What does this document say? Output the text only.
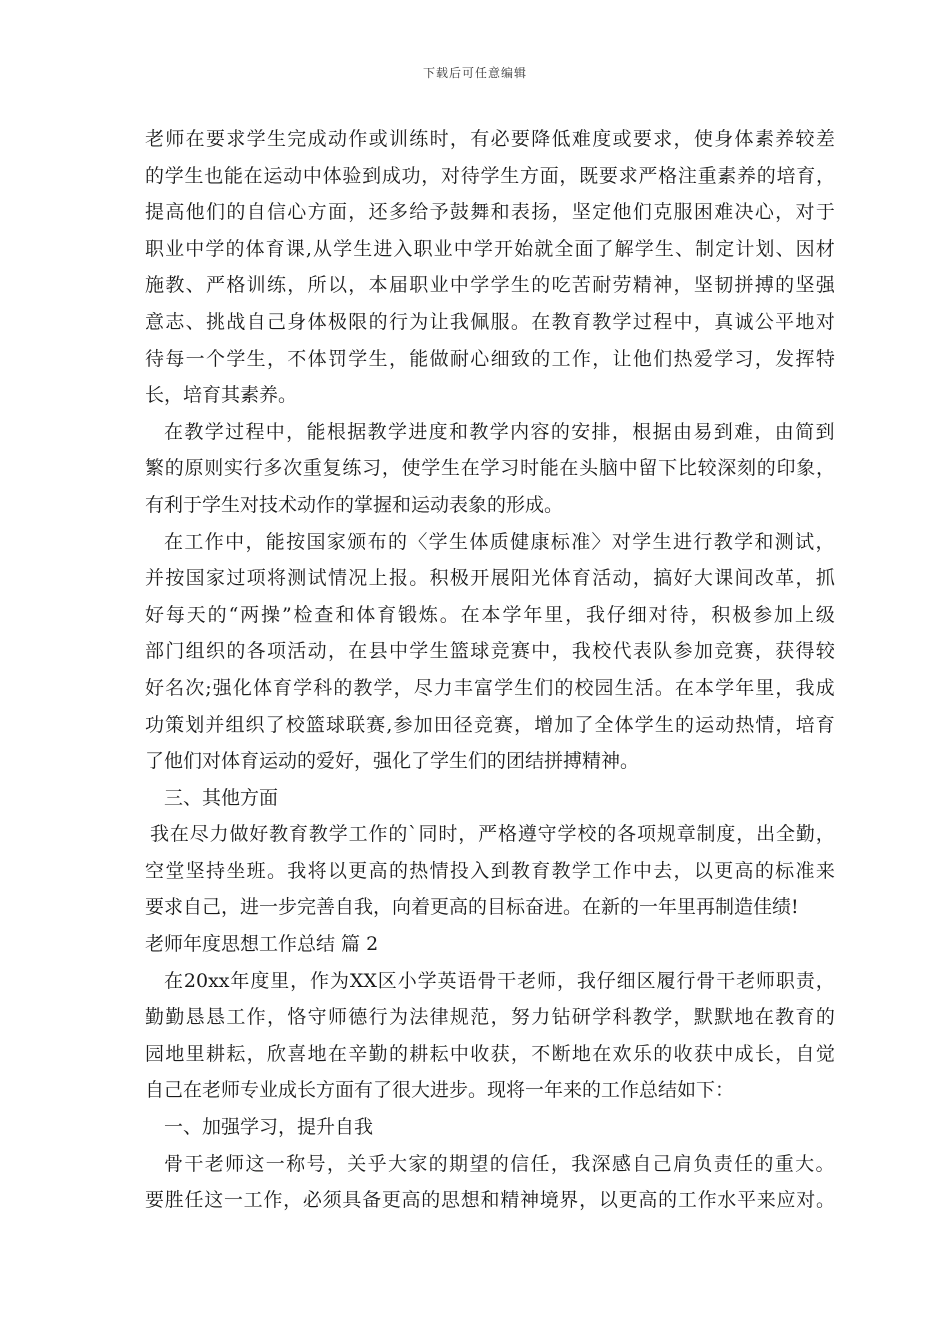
下载后可任意编辑
老 师 在 要 求 学 生 完 成 动 作 或 训 练 时 ， 有 必 要 降 低 难 度 或 要 求 ， 使 身 体 素 养 较 差
的 学 生 也 能 在 运 动 中 体 验 到 成 功 ， 对 待 学 生 方 面 ， 既 要 求 严 格 注 重 素 养 的 培 育 ，
提 高 他 们 的 自 信 心 方 面 ， 还 多 给 予 鼓 舞 和 表 扬 ， 坚 定 他 们 克 服 困 难 决 心 ， 对 于
职 业 中 学 的 体 育 课 , 从 学 生 进 入 职 业 中 学 开 始 就 全 面 了 解 学 生 、 制 定 计 划 、 因 材
施 教 、 严 格 训 练 ， 所 以 ， 本 届 职 业 中 学 学 生 的 吃 苦 耐 劳 精 神 ， 坚 韧 拼 搏 的 坚 强
意 志 、 挑 战 自 己 身 体 极 限 的 行 为 让 我 佩 服 。 在 教 育 教 学 过 程 中 ， 真 诚 公 平 地 对
待 每 一 个 学 生 ， 不 体 罚 学 生 ， 能 做 耐 心 细 致 的 工 作 ， 让 他 们 热 爱 学 习 ， 发 挥 特
长，培育其素养。
在 教 学 过 程 中 ， 能 根 据 教 学 进 度 和 教 学 内 容 的 安 排 ， 根 据 由 易 到 难 ， 由 简 到
繁 的 原 则 实 行 多 次 重 复 练 习 ， 使 学 生 在 学 习 时 能 在 头 脑 中 留 下 比 较 深 刻 的 印 象 ，
有利于学生对技术动作的掌握和运动表象的形成。
在 工 作 中 ， 能 按 国 家 颁 布 的 〈 学 生 体 质 健 康 标 准 〉 对 学 生 进 行 教 学 和 测 试 ，
并 按 国 家 过 项 将 测 试 情 况 上 报 。 积 极 开 展 阳 光 体 育 活 动 ， 搞 好 大 课 间 改 革 ， 抓
好 每 天 的 “ 两 操 ” 检 查 和 体 育 锻 炼 。 在 本 学 年 里 ， 我 仔 细 对 待 ， 积 极 参 加 上 级
部 门 组 织 的 各 项 活 动 ， 在 县 中 学 生 篮 球 竞 赛 中 ， 我 校 代 表 队 参 加 竞 赛 ， 获 得 较
好 名 次 ; 强 化 体 育 学 科 的 教 学 ， 尽 力 丰 富 学 生 们 的 校 园 生 活 。 在 本 学 年 里 ， 我 成
功 策 划 并 组 织 了 校 篮 球 联 赛 , 参 加 田 径 竞 赛 ， 增 加 了 全 体 学 生 的 运 动 热 情 ， 培 育
了他们对体育运动的爱好，强化了学生们的团结拼搏精神。
三、其他方面
我 在 尽 力 做 好 教 育 教 学 工 作 的 ` 同 时 ， 严 格 遵 守 学 校 的 各 项 规 章 制 度 ， 出 全 勤 ，
空 堂 坚 持 坐 班 。 我 将 以 更 高 的 热 情 投 入 到 教 育 教 学 工 作 中 去 ， 以 更 高 的 标 准 来
要求自己，进一步完善自我，向着更高的目标奋进。在新的一年里再制造佳绩!
老师年度思想工作总结 篇 2
在 20xx 年 度 里 ， 作 为 XX 区 小 学 英 语 骨 干 老 师 ， 我 仔 细 区 履 行 骨 干 老 师 职 责 ，
勤 勤 恳 恳 工 作 ， 恪 守 师 德 行 为 法 律 规 范 ， 努 力 钻 研 学 科 教 学 ， 默 默 地 在 教 育 的
园 地 里 耕 耘 ， 欣 喜 地 在 辛 勤 的 耕 耘 中 收 获 ， 不 断 地 在 欢 乐 的 收 获 中 成 长 ， 自 觉
自己在老师专业成长方面有了很大进步。现将一年来的工作总结如下：
一、加强学习，提升自我
骨 干 老 师 这 一 称 号 ， 关 乎 大 家 的 期 望 的 信 任 ， 我 深 感 自 己 肩 负 责 任 的 重 大 。
要 胜 任 这 一 工 作 ， 必 须 具 备 更 高 的 思 想 和 精 神 境 界 ， 以 更 高 的 工 作 水 平 来 应 对 。
